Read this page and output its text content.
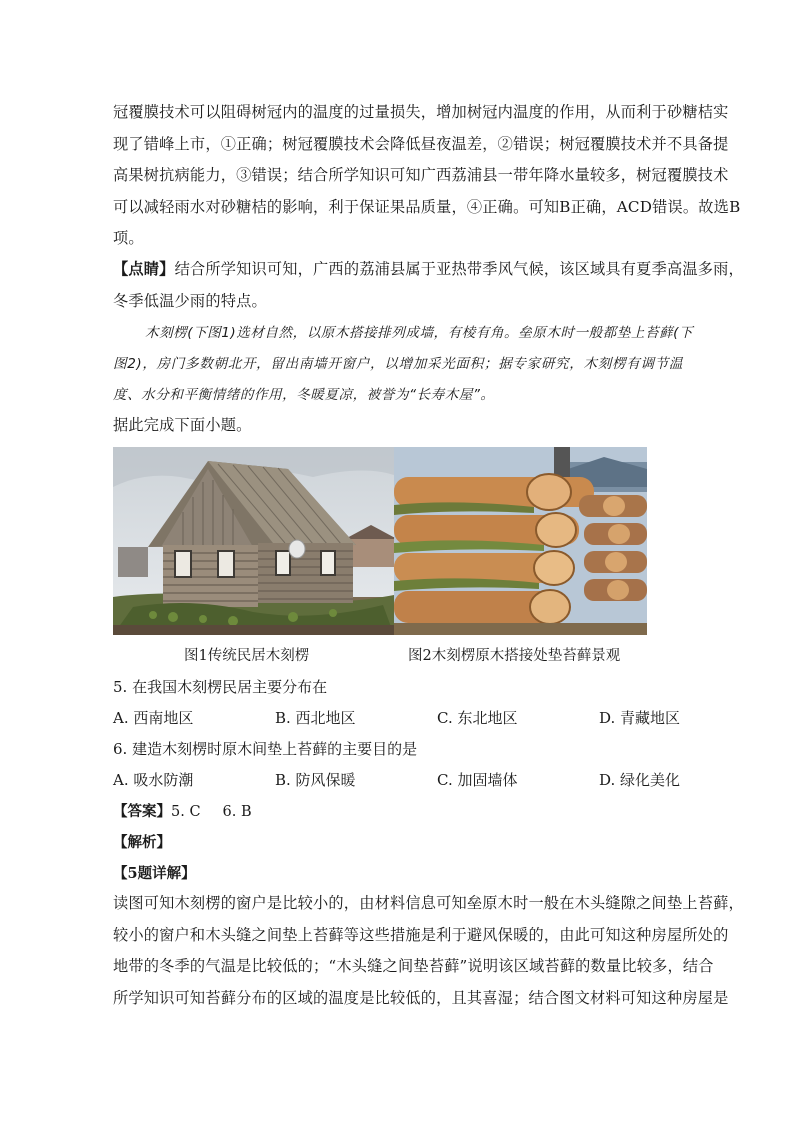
冠覆膜技术可以阻碍树冠内的温度的过量损失，增加树冠内温度的作用，从而利于砂糖桔实
现了错峰上市，①正确；树冠覆膜技术会降低昼夜温差，②错误；树冠覆膜技术并不具备提
高果树抗病能力，③错误；结合所学知识可知广西荔浦县一带年降水量较多，树冠覆膜技术
可以减轻雨水对砂糖桔的影响，利于保证果品质量，④正确。可知B正确，ACD错误。故选B
项。
【点睛】结合所学知识可知，广西的荔浦县属于亚热带季风气候，该区域具有夏季高温多雨，
冬季低温少雨的特点。
木刻楞(下图1)选材自然，以原木搭接排列成墙，有棱有角。垒原木时一般都垫上苔藓(下
图2)，房门多数朝北开，留出南墙开窗户，以增加采光面积；据专家研究，木刻楞有调节温
度、水分和平衡情绪的作用，冬暖夏凉，被誉为“长寿木屋”。
据此完成下面小题。
图1传统民居木刻楞	图2木刻楞原木搭接处垫苔藓景观
5. 在我国木刻楞民居主要分布在
A. 西南地区	B. 西北地区	C. 东北地区	D. 青藏地区
6. 建造木刻楞时原木间垫上苔藓的主要目的是
A. 吸水防潮	B. 防风保暖	C. 加固墙体	D. 绿化美化
【答案】5. C 6. B
【解析】
【5题详解】
读图可知木刻楞的窗户是比较小的，由材料信息可知垒原木时一般在木头缝隙之间垫上苔藓，
较小的窗户和木头缝之间垫上苔藓等这些措施是利于避风保暖的，由此可知这种房屋所处的
地带的冬季的气温是比较低的；“木头缝之间垫苔藓”说明该区域苔藓的数量比较多，结合
所学知识可知苔藓分布的区域的温度是比较低的，且其喜湿；结合图文材料可知这种房屋是
